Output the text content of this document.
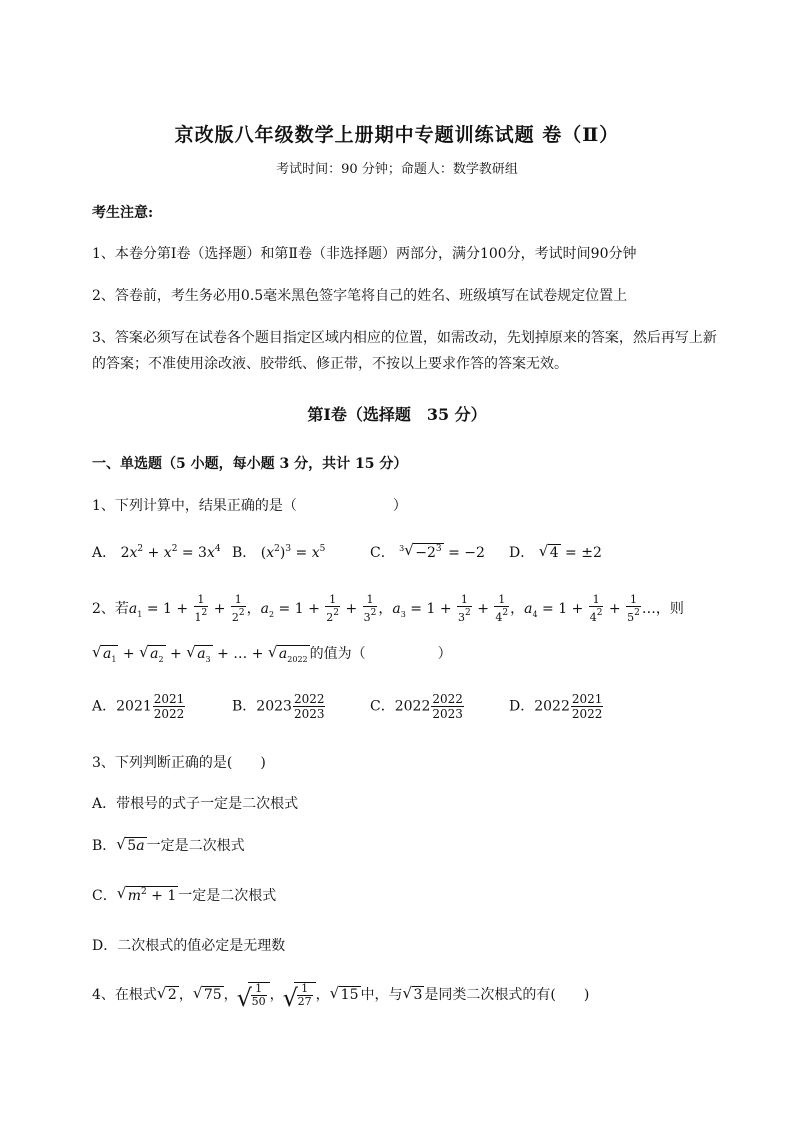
京改版八年级数学上册期中专题训练试题 卷（Ⅱ）
考试时间：90 分钟；命题人：数学教研组
考生注意:
1、本卷分第Ⅰ卷（选择题）和第Ⅱ卷（非选择题）两部分，满分100分，考试时间90分钟
2、答卷前，考生务必用0.5毫米黑色签字笔将自己的姓名、班级填写在试卷规定位置上
3、答案必须写在试卷各个题目指定区域内相应的位置，如需改动，先划掉原来的答案，然后再写上新
的答案；不准使用涂改液、胶带纸、修正带，不按以上要求作答的答案无效。
第Ⅰ卷（选择题　35 分）
一、单选题（5 小题，每小题 3 分，共计 15 分）
1、下列计算中，结果正确的是（	）
A． $2x^2 + x^2 = 3x^4$ B． $(x^2)^3 = x^5$	C． $^3√ -2^3 = -2$ D． √ 4 = ±2
2、若$a_1 = 1 + \frac{1}{1^2} + \frac{1}{2^2}$ ，$a_2 = 1 + \frac{1}{2^2} + \frac{1}{3^2}$ ，$a_3 = 1 + \frac{1}{3^2} + \frac{1}{4^2}$ ，$a_4 = 1 + \frac{1}{4^2} + \frac{1}{5^2}$ …，则
√ $a_1$ + √ $a_2$ + √ $a_3$ + … + √ $a_{2022}$ 的值为（	）
A．$2021 \frac{2021}{2022}$	B．$2023 \frac{2022}{2023}$	C．$2022 \frac{2022}{2023}$	D．$2022 \frac{2021}{2022}$
3、下列判断正确的是(　　)
A．带根号的式子一定是二次根式
B．√ 5a 一定是二次根式
C．√ $m^2 + 1$ 一定是二次根式
D．二次根式的值必定是无理数
4、在根式√ 2 ，√ 75 ，
√ $\frac{1}{50}$ ，
√ $\frac{1}{27}$ ，√ 15 中，与√ 3 是同类二次根式的有(　　)
